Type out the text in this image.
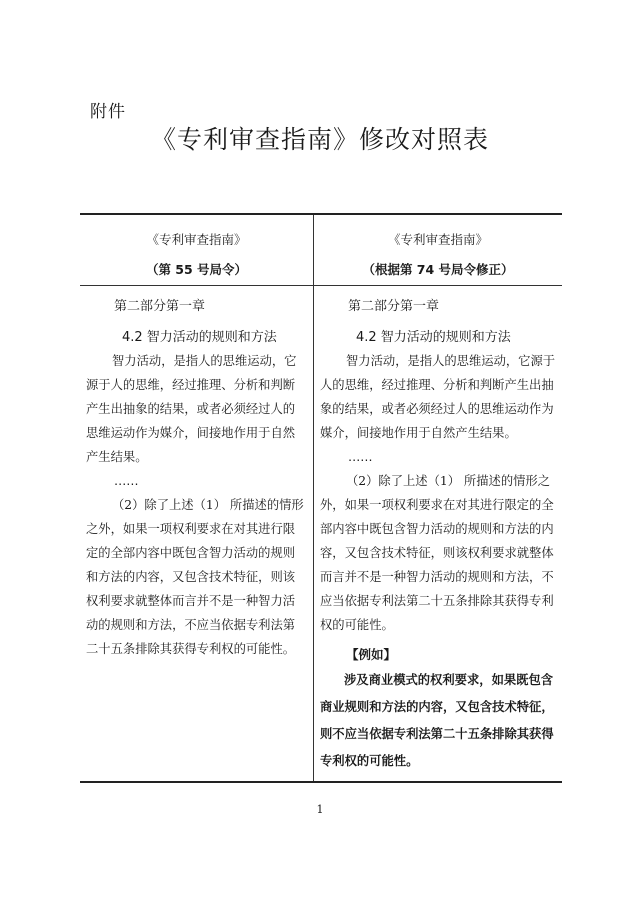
附件
《专利审查指南》修改对照表
《专利审查指南》
（第 55 号局令）
第二部分第一章
4.2 智力活动的规则和方法

智力活动，是指人的思维运动，它源于人的思维，经过推理、分析和判断产生出抽象的结果，或者必须经过人的思维运动作为媒介，间接地作用于自然产生结果。

……

（2）除了上述（1） 所描述的情形之外，如果一项权利要求在对其进行限定的全部内容中既包含智力活动的规则和方法的内容，又包含技术特征，则该权利要求就整体而言并不是一种智力活动的规则和方法，不应当依据专利法第二十五条排除其获得专利权的可能性。

《专利审查指南》
（根据第 74 号局令修正）
第二部分第一章
4.2 智力活动的规则和方法

智力活动，是指人的思维运动，它源于人的思维，经过推理、分析和判断产生出抽象的结果，或者必须经过人的思维运动作为媒介，间接地作用于自然产生结果。

……

（2）除了上述（1） 所描述的情形之外，如果一项权利要求在对其进行限定的全部内容中既包含智力活动的规则和方法的内容，又包含技术特征，则该权利要求就整体而言并不是一种智力活动的规则和方法，不应当依据专利法第二十五条排除其获得专利权的可能性。

【例如】

涉及商业模式的权利要求，如果既包含商业规则和方法的内容，又包含技术特征，则不应当依据专利法第二十五条排除其获得专利权的可能性。

1
